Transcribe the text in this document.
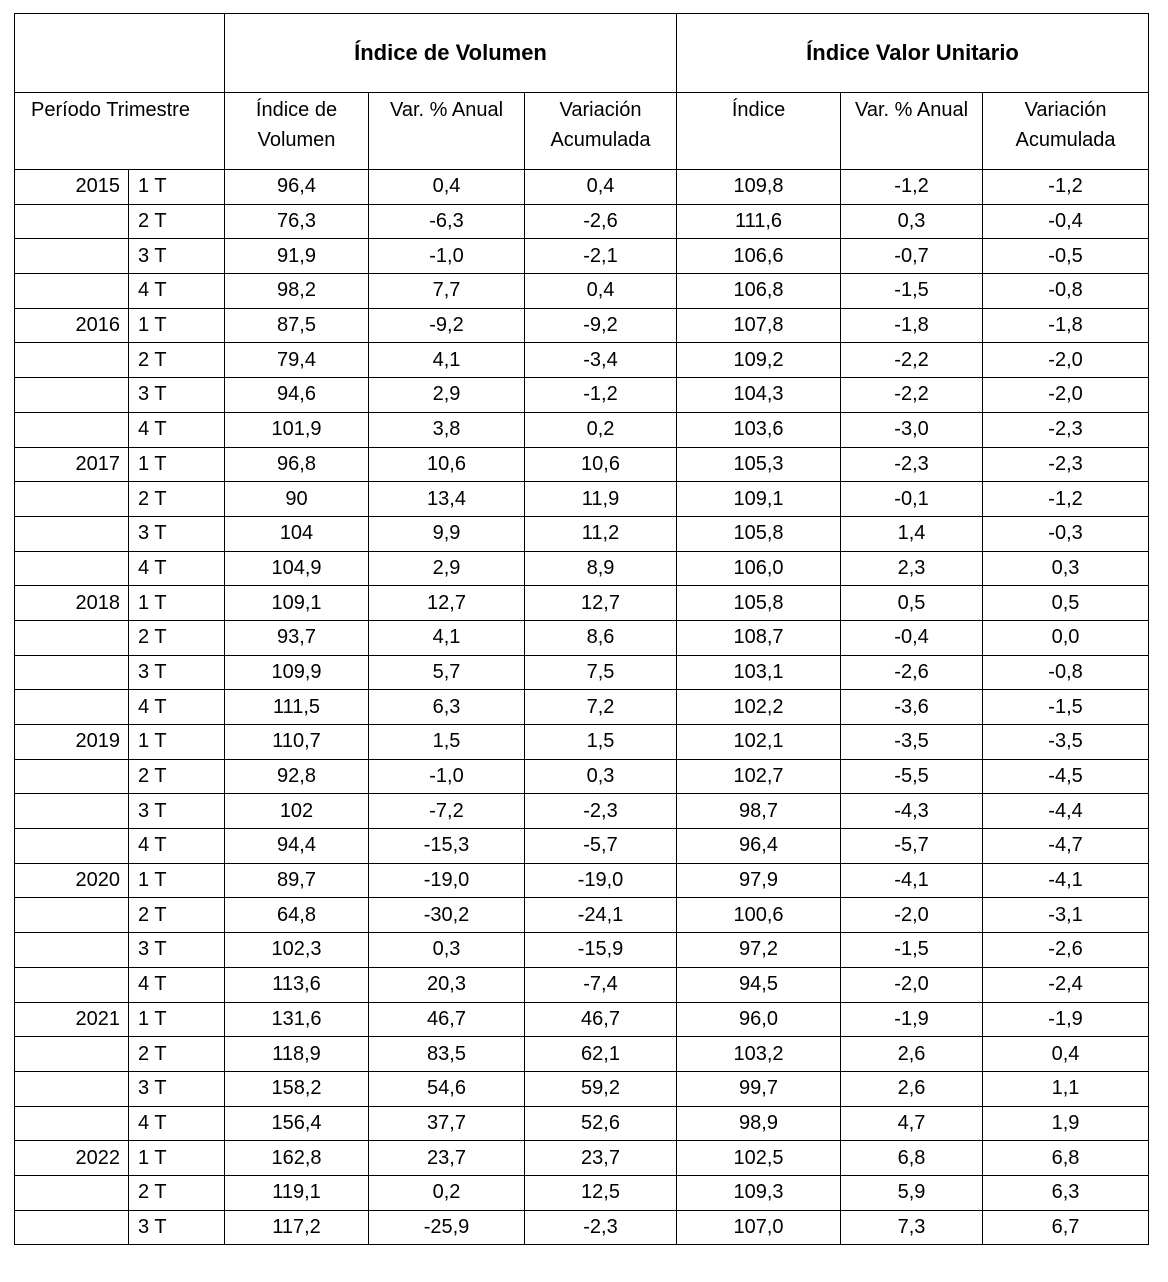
		Índice de Volumen			Índice Valor Unitario		
Período Trimestre		Índice de Volumen	Var. % Anual	Variación Acumulada	Índice	Var. % Anual	Variación Acumulada
2015	1 T	96,4	0,4	0,4	109,8	-1,2	-1,2
	2 T	76,3	-6,3	-2,6	111,6	0,3	-0,4
	3 T	91,9	-1,0	-2,1	106,6	-0,7	-0,5
	4 T	98,2	7,7	0,4	106,8	-1,5	-0,8
2016	1 T	87,5	-9,2	-9,2	107,8	-1,8	-1,8
	2 T	79,4	4,1	-3,4	109,2	-2,2	-2,0
	3 T	94,6	2,9	-1,2	104,3	-2,2	-2,0
	4 T	101,9	3,8	0,2	103,6	-3,0	-2,3
2017	1 T	96,8	10,6	10,6	105,3	-2,3	-2,3
	2 T	90	13,4	11,9	109,1	-0,1	-1,2
	3 T	104	9,9	11,2	105,8	1,4	-0,3
	4 T	104,9	2,9	8,9	106,0	2,3	0,3
2018	1 T	109,1	12,7	12,7	105,8	0,5	0,5
	2 T	93,7	4,1	8,6	108,7	-0,4	0,0
	3 T	109,9	5,7	7,5	103,1	-2,6	-0,8
	4 T	111,5	6,3	7,2	102,2	-3,6	-1,5
2019	1 T	110,7	1,5	1,5	102,1	-3,5	-3,5
	2 T	92,8	-1,0	0,3	102,7	-5,5	-4,5
	3 T	102	-7,2	-2,3	98,7	-4,3	-4,4
	4 T	94,4	-15,3	-5,7	96,4	-5,7	-4,7
2020	1 T	89,7	-19,0	-19,0	97,9	-4,1	-4,1
	2 T	64,8	-30,2	-24,1	100,6	-2,0	-3,1
	3 T	102,3	0,3	-15,9	97,2	-1,5	-2,6
	4 T	113,6	20,3	-7,4	94,5	-2,0	-2,4
2021	1 T	131,6	46,7	46,7	96,0	-1,9	-1,9
	2 T	118,9	83,5	62,1	103,2	2,6	0,4
	3 T	158,2	54,6	59,2	99,7	2,6	1,1
	4 T	156,4	37,7	52,6	98,9	4,7	1,9
2022	1 T	162,8	23,7	23,7	102,5	6,8	6,8
	2 T	119,1	0,2	12,5	109,3	5,9	6,3
	3 T	117,2	-25,9	-2,3	107,0	7,3	6,7
